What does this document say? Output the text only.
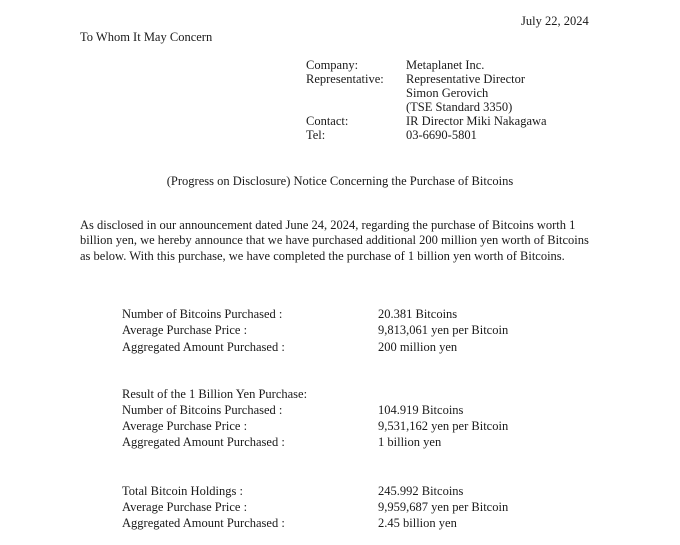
July 22, 2024
To Whom It May Concern
Company:	Metaplanet Inc.
Representative: Representative Director
Simon Gerovich
(TSE Standard 3350)
Contact:	IR Director Miki Nakagawa
Tel:	03-6690-5801
(Progress on Disclosure) Notice Concerning the Purchase of Bitcoins
As disclosed in our announcement dated June 24, 2024, regarding the purchase of Bitcoins worth 1 billion yen, we hereby announce that we have purchased additional 200 million yen worth of Bitcoins as below. With this purchase, we have completed the purchase of 1 billion yen worth of Bitcoins.
Number of Bitcoins Purchased :	20.381 Bitcoins
Average Purchase Price :	9,813,061 yen per Bitcoin
Aggregated Amount Purchased :	200 million yen
Result of the 1 Billion Yen Purchase:
Number of Bitcoins Purchased :	104.919 Bitcoins
Average Purchase Price :	9,531,162 yen per Bitcoin
Aggregated Amount Purchased :	1 billion yen
Total Bitcoin Holdings :	245.992 Bitcoins
Average Purchase Price :	9,959,687 yen per Bitcoin
Aggregated Amount Purchased :	2.45 billion yen
